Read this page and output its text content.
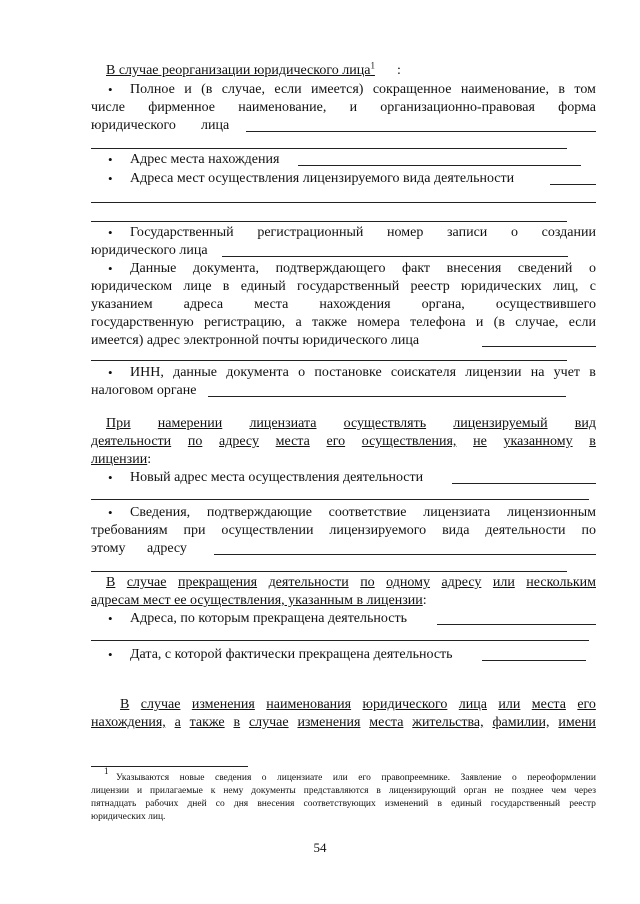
В случае реорганизации юридического лица$^1$ :
• Полное и (в случае, если имеется) сокращенное наименование, в том
числе фирменное наименование, и организационно-правовая форма
юридического лица
• Адрес места нахождения
• Адреса мест осуществления лицензируемого вида деятельности
• Государственный регистрационный номер записи о создании
юридического лица
• Данные документа, подтверждающего факт внесения сведений о
юридическом лице в единый государственный реестр юридических лиц, с
указанием адреса места нахождения органа, осуществившего
государственную регистрацию, а также номера телефона и (в случае, если
имеется) адрес электронной почты юридического лица
• ИНН, данные документа о постановке соискателя лицензии на учет в
налоговом органе
При намерении лицензиата осуществлять лицензируемый вид
деятельности по адресу места его осуществления, не указанному в
лицензии:
• Новый адрес места осуществления деятельности
• Сведения, подтверждающие соответствие лицензиата лицензионным
требованиям при осуществлении лицензируемого вида деятельности по
этому адресу
В случае прекращения деятельности по одному адресу или нескольким
адресам мест ее осуществления, указанным в лицензии:
• Адреса, по которым прекращена деятельность
• Дата, с которой фактически прекращена деятельность
В случае изменения наименования юридического лица или места его
нахождения, а также в случае изменения места жительства, фамилии, имени
$^1$
Указываются новые сведения о лицензиате или его правопреемнике. Заявление о переоформлении
лицензии и прилагаемые к нему документы представляются в лицензирующий орган не позднее чем через
пятнадцать рабочих дней со дня внесения соответствующих изменений в единый государственный реестр
юридических лиц.
54
